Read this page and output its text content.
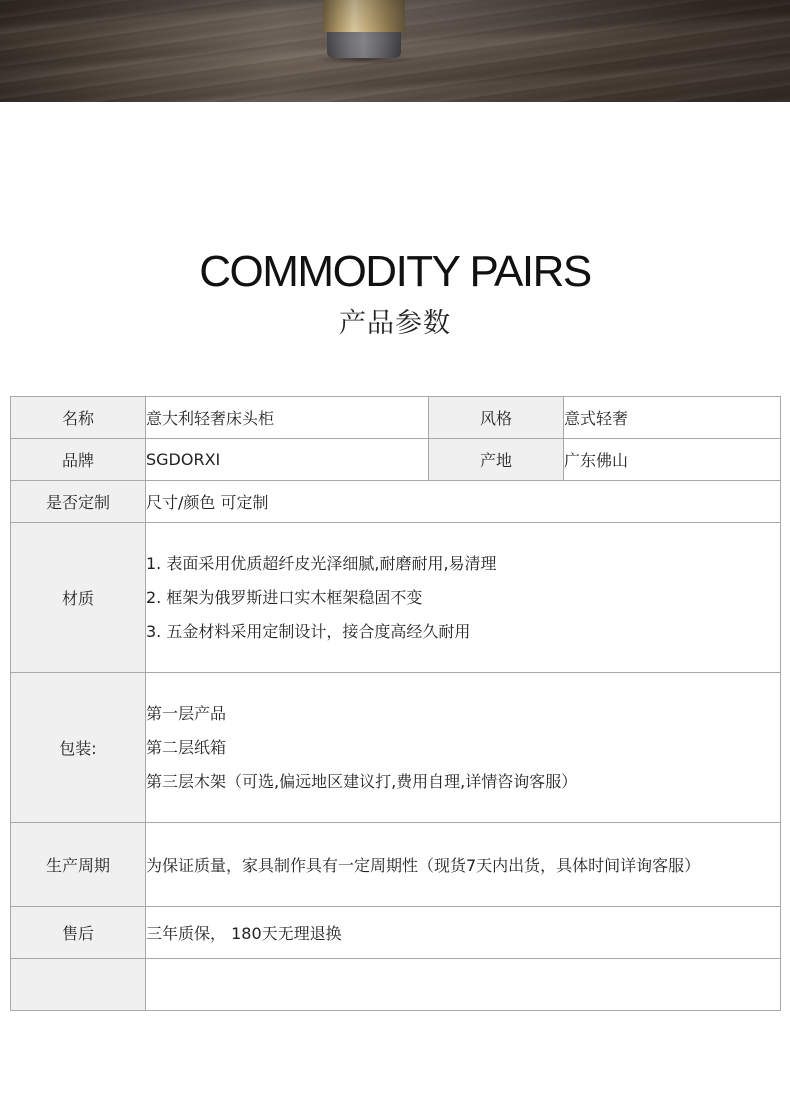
COMMODITY PAIRS
产品参数
名称	意大利轻奢床头柜	风格	意式轻奢
品牌	SGDORXI	产地	广东佛山
是否定制	尺寸/颜色 可定制		
材质	1. 表面采用优质超纤皮光泽细腻,耐磨耐用,易清理
2. 框架为俄罗斯进口实木框架稳固不变
3. 五金材料采用定制设计，接合度高经久耐用		

包装:	第一层产品
第二层纸箱
第三层木架（可选,偏远地区建议打,费用自理,详情咨询客服）		

生产周期	为保证质量，家具制作具有一定周期性（现货7天内出货，具体时间详询客服）		
售后	三年质保， 180天无理退换		
